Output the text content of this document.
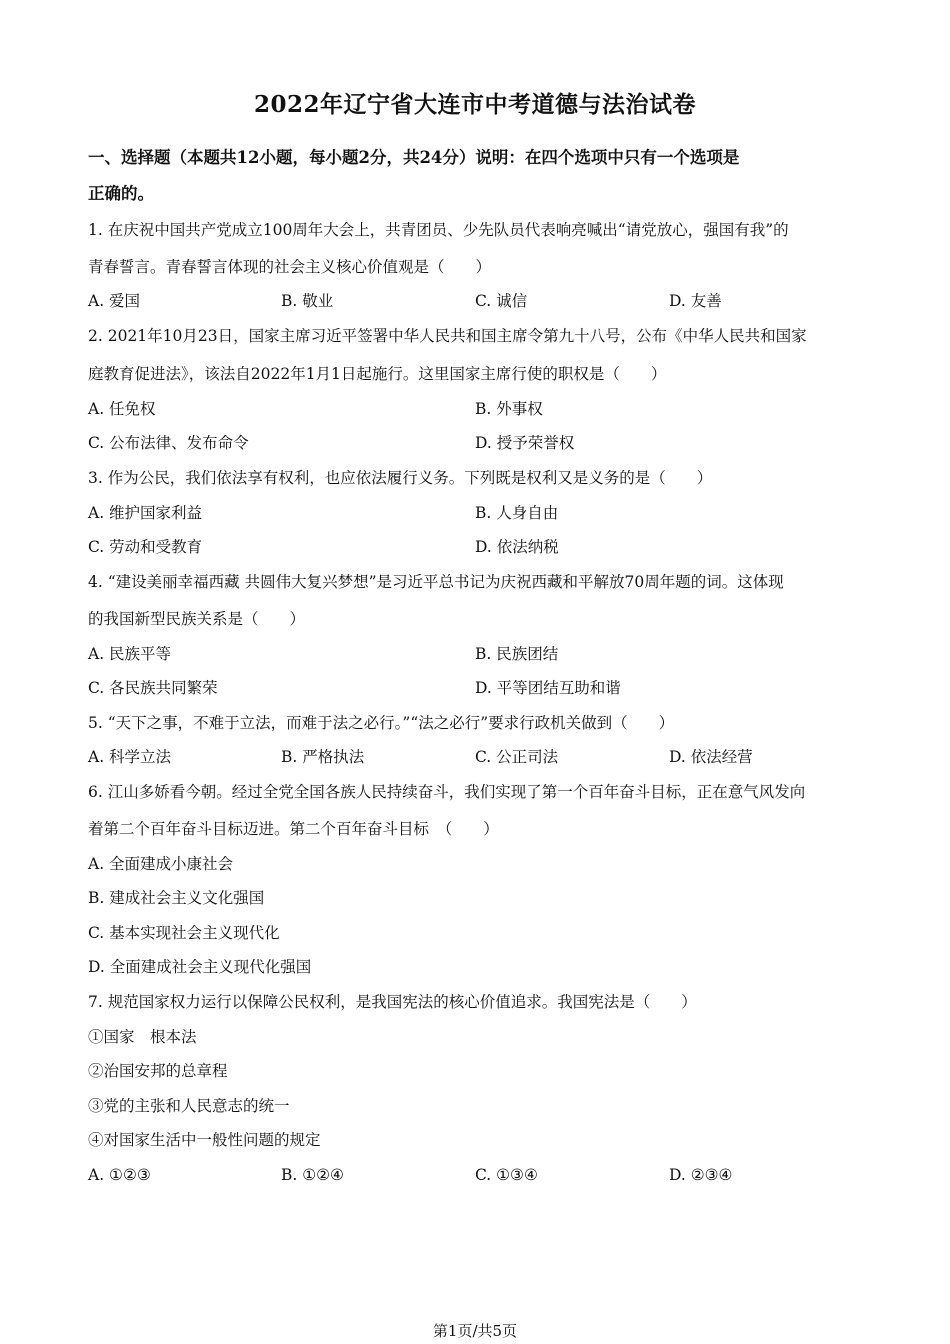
2022年辽宁省大连市中考道德与法治试卷
一、选择题（本题共12小题，每小题2分，共24分）说明：在四个选项中只有一个选项是
正确的。
1. 在庆祝中国共产党成立100周年大会上，共青团员、少先队员代表响亮喊出“请党放心，强国有我”的
青春誓言。青春誓言体现的社会主义核心价值观是（　　）
A. 爱国	B. 敬业	C. 诚信	D. 友善
2. 2021年10月23日，国家主席习近平签署中华人民共和国主席令第九十八号，公布《中华人民共和国家
庭教育促进法》，该法自2022年1月1日起施行。这里国家主席行使的职权是（　　）
A. 任免权	B. 外事权
C. 公布法律、发布命令	D. 授予荣誉权
3. 作为公民，我们依法享有权利，也应依法履行义务。下列既是权利又是义务的是（　　）
A. 维护国家利益	B. 人身自由
C. 劳动和受教育	D. 依法纳税
4. “建设美丽幸福西藏 共圆伟大复兴梦想”是习近平总书记为庆祝西藏和平解放70周年题的词。这体现
的我国新型民族关系是（　　）
A. 民族平等	B. 民族团结
C. 各民族共同繁荣	D. 平等团结互助和谐
5. “天下之事，不难于立法，而难于法之必行。”“法之必行”要求行政机关做到（　　）
A. 科学立法	B. 严格执法	C. 公正司法	D. 依法经营
6. 江山多娇看今朝。经过全党全国各族人民持续奋斗，我们实现了第一个百年奋斗目标，正在意气风发向
着第二个百年奋斗目标迈进。第二个百年奋斗目标　（　　）
A. 全面建成小康社会
B. 建成社会主义文化强国
C. 基本实现社会主义现代化
D. 全面建成社会主义现代化强国
7. 规范国家权力运行以保障公民权利，是我国宪法的核心价值追求。我国宪法是（　　）
①国家　根本法
②治国安邦的总章程
③党的主张和人民意志的统一
④对国家生活中一般性问题的规定
A. ①②③	B. ①②④	C. ①③④	D. ②③④
第1页/共5页
